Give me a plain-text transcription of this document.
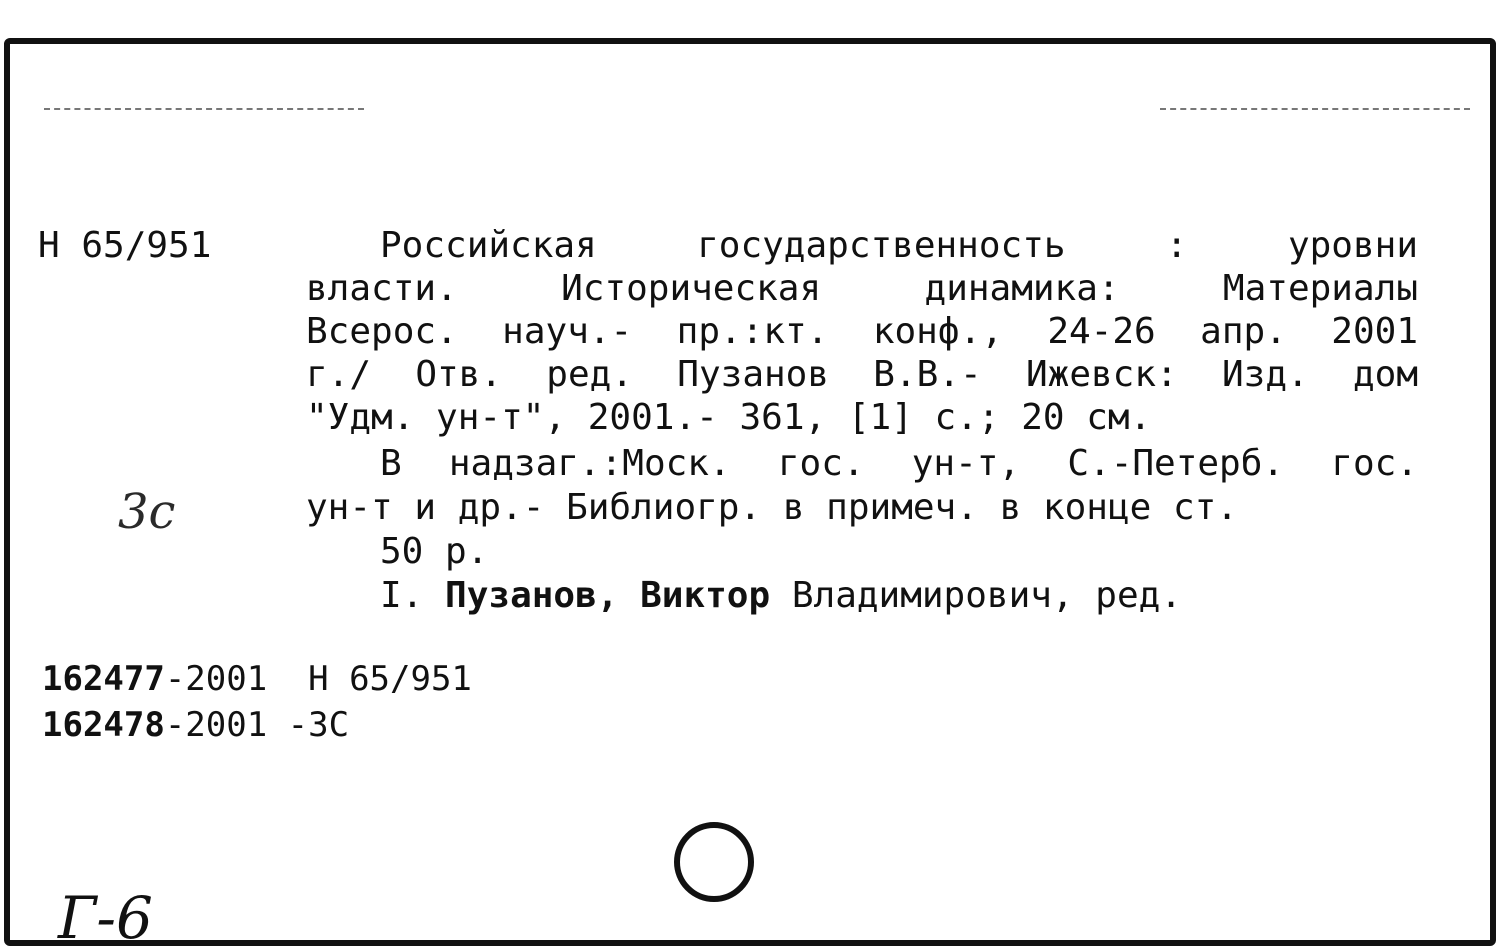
Н 65/951	Российская государственность : уровни
власти. Историческая динамика: Материалы
Всерос. науч.- пр.:кт. конф., 24-26 апр. 2001
г./ Отв. ред. Пузанов В.В.- Ижевск: Изд. дом
"Удм. ун-т", 2001.- 361, [1] с.; 20 см.
В надзаг.:Моск. гос. ун-т, С.-Петерб. гос.
ун-т и др.- Библиогр. в примеч. в конце ст.
50 р.
I. Пузанов, Виктор Владимирович, ред.
162477-2001 Н 65/951
162478-2001 -3С
3с
Г-6
